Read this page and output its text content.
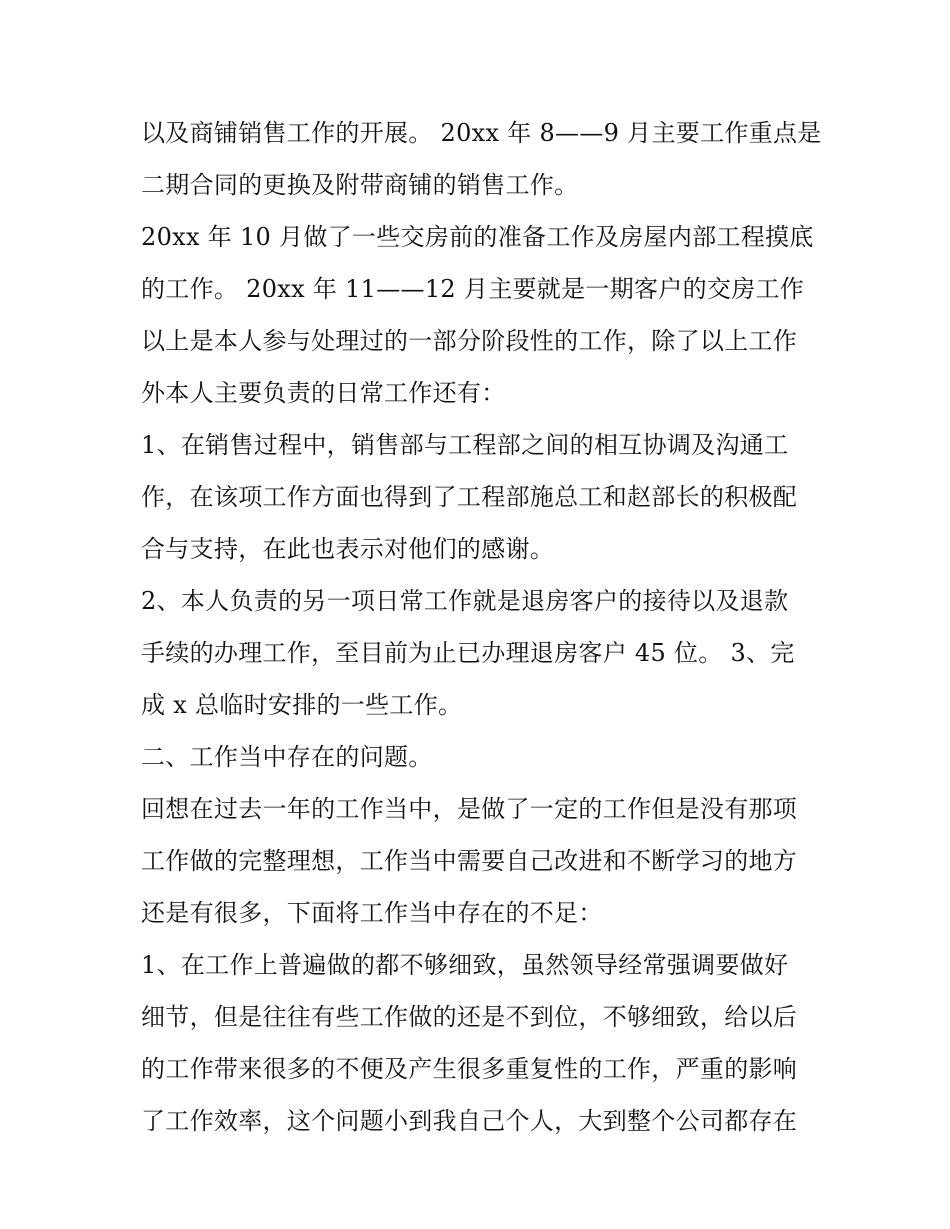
以及商铺销售工作的开展。 20xx 年 8——9 月主要工作重点是
二期合同的更换及附带商铺的销售工作。
20xx 年 10 月做了一些交房前的准备工作及房屋内部工程摸底
的工作。 20xx 年 11——12 月主要就是一期客户的交房工作
以上是本人参与处理过的一部分阶段性的工作，除了以上工作
外本人主要负责的日常工作还有：
1、在销售过程中，销售部与工程部之间的相互协调及沟通工
作，在该项工作方面也得到了工程部施总工和赵部长的积极配
合与支持，在此也表示对他们的感谢。
2、本人负责的另一项日常工作就是退房客户的接待以及退款
手续的办理工作，至目前为止已办理退房客户 45 位。 3、完
成 x 总临时安排的一些工作。
二、工作当中存在的问题。
回想在过去一年的工作当中，是做了一定的工作但是没有那项
工作做的完整理想，工作当中需要自己改进和不断学习的地方
还是有很多，下面将工作当中存在的不足：
1、在工作上普遍做的都不够细致，虽然领导经常强调要做好
细节，但是往往有些工作做的还是不到位，不够细致，给以后
的工作带来很多的不便及产生很多重复性的工作，严重的影响
了工作效率，这个问题小到我自己个人，大到整个公司都存在
